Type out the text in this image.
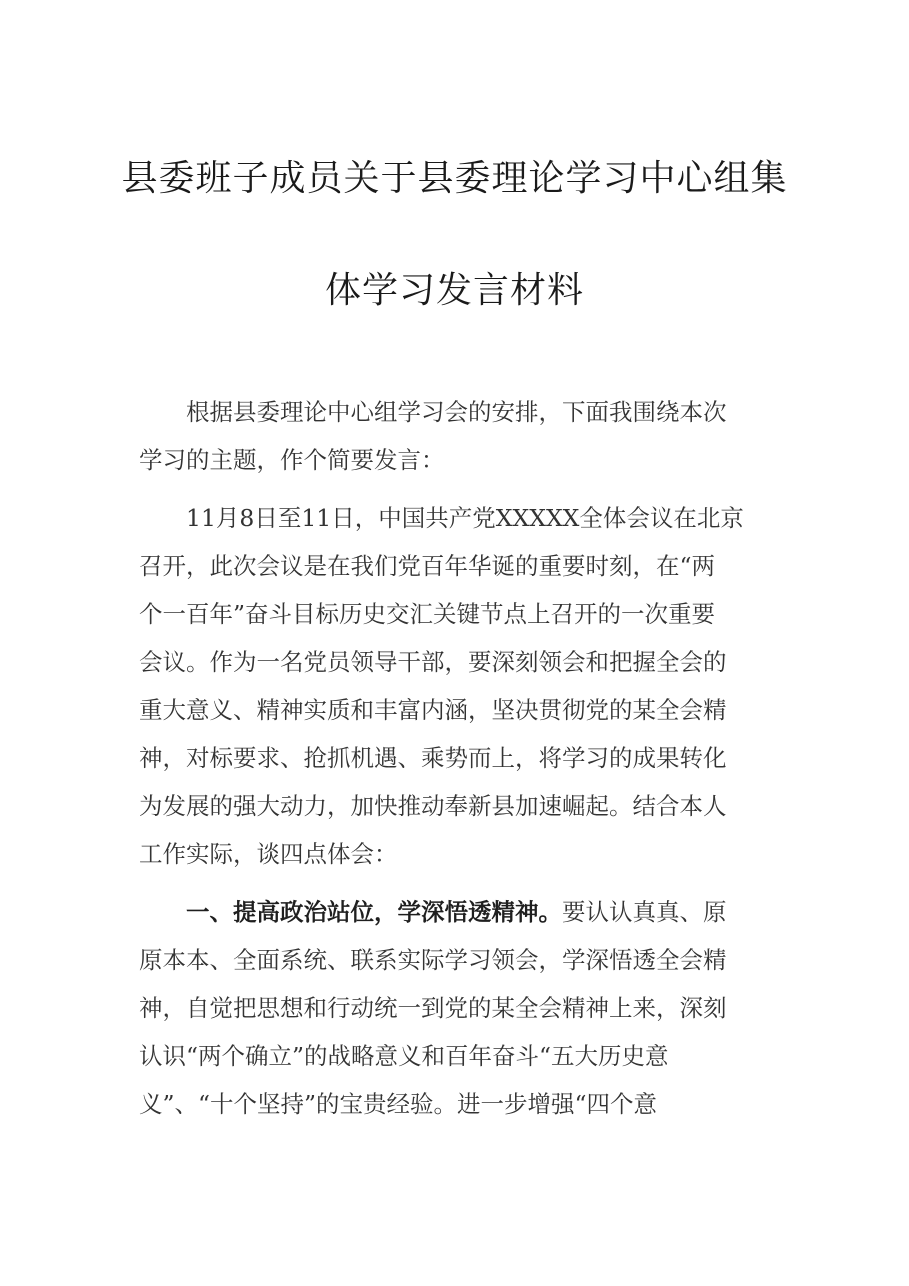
县委班子成员关于县委理论学习中心组集
体学习发言材料
根据县委理论中心组学习会的安排，下面我围绕本次
学习的主题，作个简要发言：
11月8日至11日，中国共产党XXXXX全体会议在北京
召开，此次会议是在我们党百年华诞的重要时刻，在“两
个一百年”奋斗目标历史交汇关键节点上召开的一次重要
会议。作为一名党员领导干部，要深刻领会和把握全会的
重大意义、精神实质和丰富内涵，坚决贯彻党的某全会精
神，对标要求、抢抓机遇、乘势而上，将学习的成果转化
为发展的强大动力，加快推动奉新县加速崛起。结合本人
工作实际，谈四点体会：
一、提高政治站位，学深悟透精神。要认认真真、原
原本本、全面系统、联系实际学习领会，学深悟透全会精
神，自觉把思想和行动统一到党的某全会精神上来，深刻
认识“两个确立”的战略意义和百年奋斗“五大历史意
义”、“十个坚持”的宝贵经验。进一步增强“四个意
